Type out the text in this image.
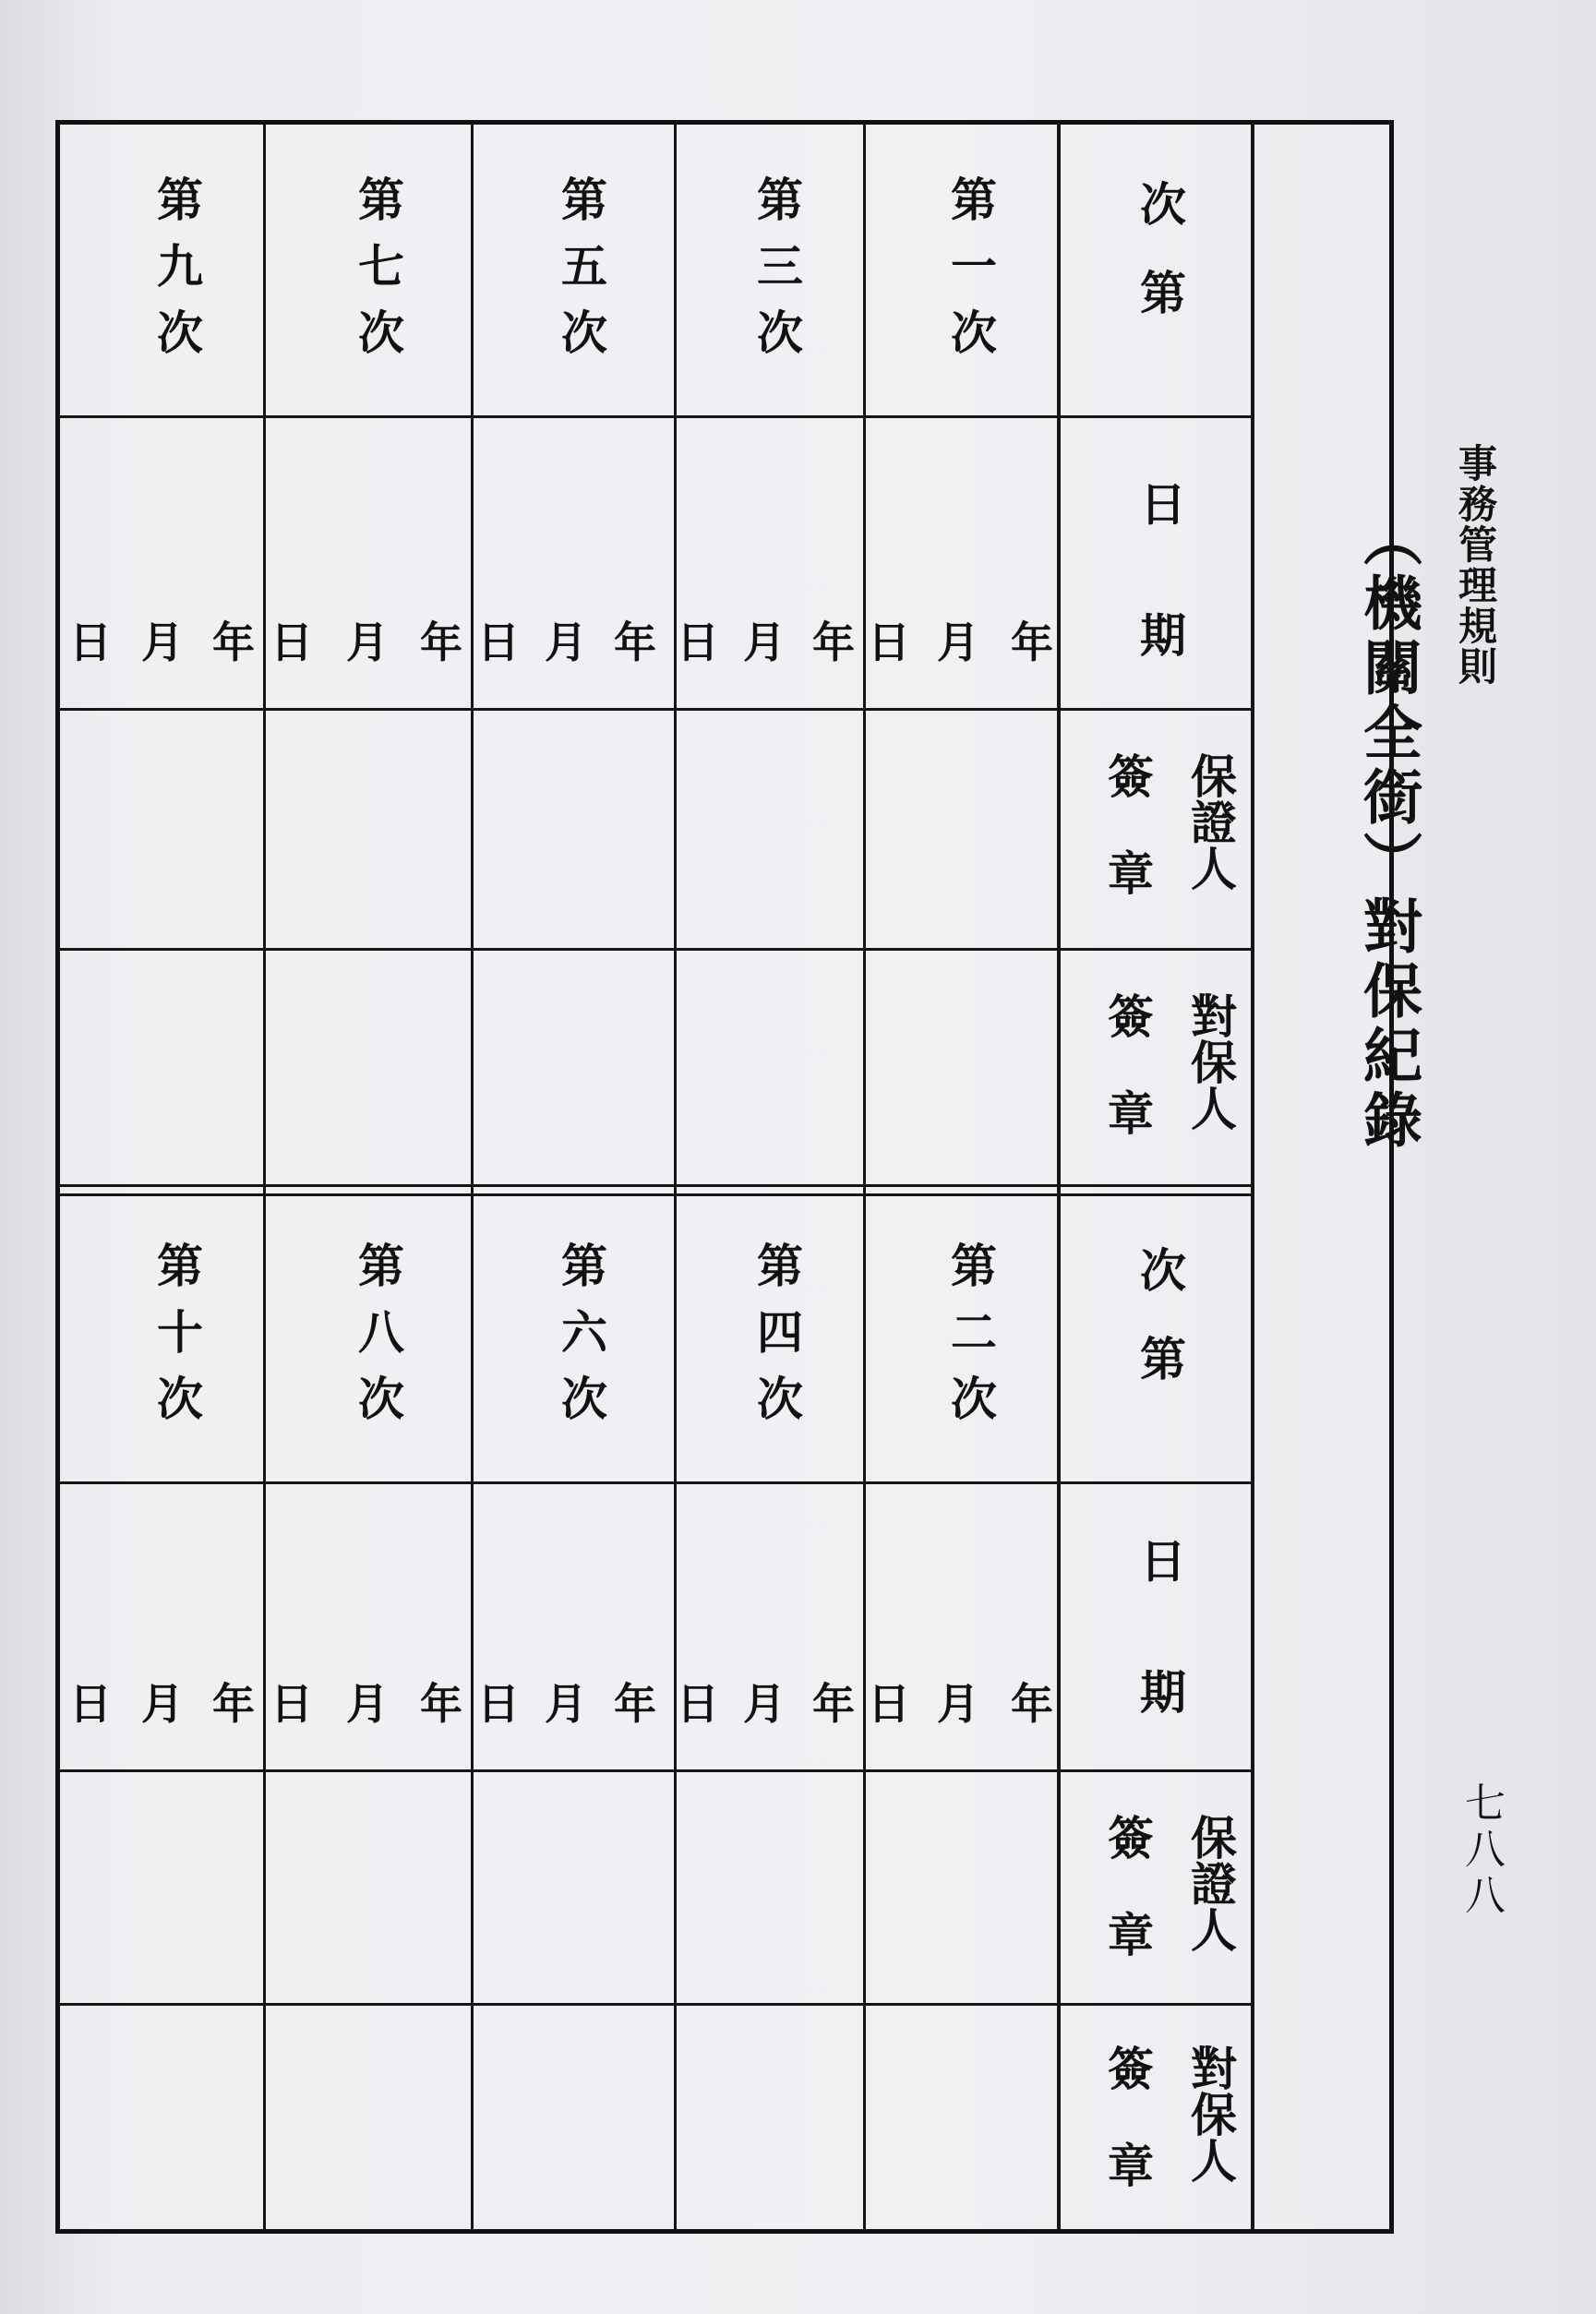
事務管理規則
七八八
（機關全銜）對保紀錄
次第
日期
保證人
簽章
對保人
簽章
第一次
第三次
第五次
第七次
第九次
年
月
日
年
月
日
年
月
日
年
月
日
年
月
日
次第
日期
保證人
簽章
對保人
簽章
第二次
第四次
第六次
第八次
第十次
年
月
日
年
月
日
年
月
日
年
月
日
年
月
日
